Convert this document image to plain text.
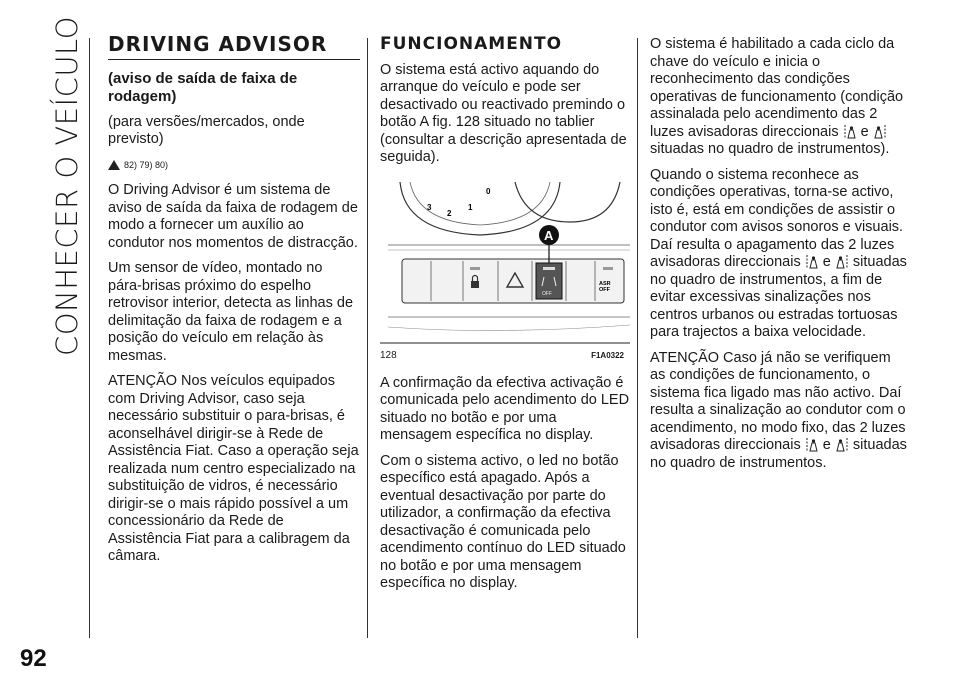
CONHECER O VEÍCULO
92
DRIVING ADVISOR
(aviso de saída de faixa de rodagem)

(para versões/mercados, onde previsto)

82) 79) 80)

O Driving Advisor é um sistema de aviso de saída da faixa de rodagem de modo a fornecer um auxílio ao condutor nos momentos de distracção.

Um sensor de vídeo, montado no pára-brisas próximo do espelho retrovisor interior, detecta as linhas de delimitação da faixa de rodagem e a posição do veículo em relação às mesmas.

ATENÇÃO Nos veículos equipados com Driving Advisor, caso seja necessário substituir o para-brisas, é aconselhável dirigir-se à Rede de Assistência Fiat. Caso a operação seja realizada num centro especializado na substituição de vidros, é necessário dirigir-se o mais rápido possível a um concessionário da Rede de Assistência Fiat para a calibragem da câmara.

FUNCIONAMENTO

O sistema está activo aquando do arranque do veículo e pode ser desactivado ou reactivado premindo o botão A fig. 128 situado no tablier (consultar a descrição apresentada de seguida).

3
2
1
0
OFF
ASR
OFF
A
128	F1A0322

A confirmação da efectiva activação é comunicada pelo acendimento do LED situado no botão e por uma mensagem específica no display.

Com o sistema activo, o led no botão específico está apagado. Após a eventual desactivação por parte do utilizador, a confirmação da efectiva desactivação é comunicada pelo acendimento contínuo do LED situado no botão e por uma mensagem específica no display.

O sistema é habilitado a cada ciclo da chave do veículo e inicia o reconhecimento das condições operativas de funcionamento (condição assinalada pelo acendimento das 2 luzes avisadoras direccionais e  situadas no quadro de instrumentos).

Quando o sistema reconhece as condições operativas, torna-se activo, isto é, está em condições de assistir o condutor com avisos sonoros e visuais. Daí resulta o apagamento das 2 luzes avisadoras direccionais e situadas no quadro de instrumentos, a fim de evitar excessivas sinalizações nos centros urbanos ou estradas tortuosas para trajectos a baixa velocidade.

ATENÇÃO Caso já não se verifiquem as condições de funcionamento, o sistema fica ligado mas não activo. Daí resulta a sinalização ao condutor com o acendimento, no modo fixo, das 2 luzes avisadoras direccionais e situadas no quadro de instrumentos.
